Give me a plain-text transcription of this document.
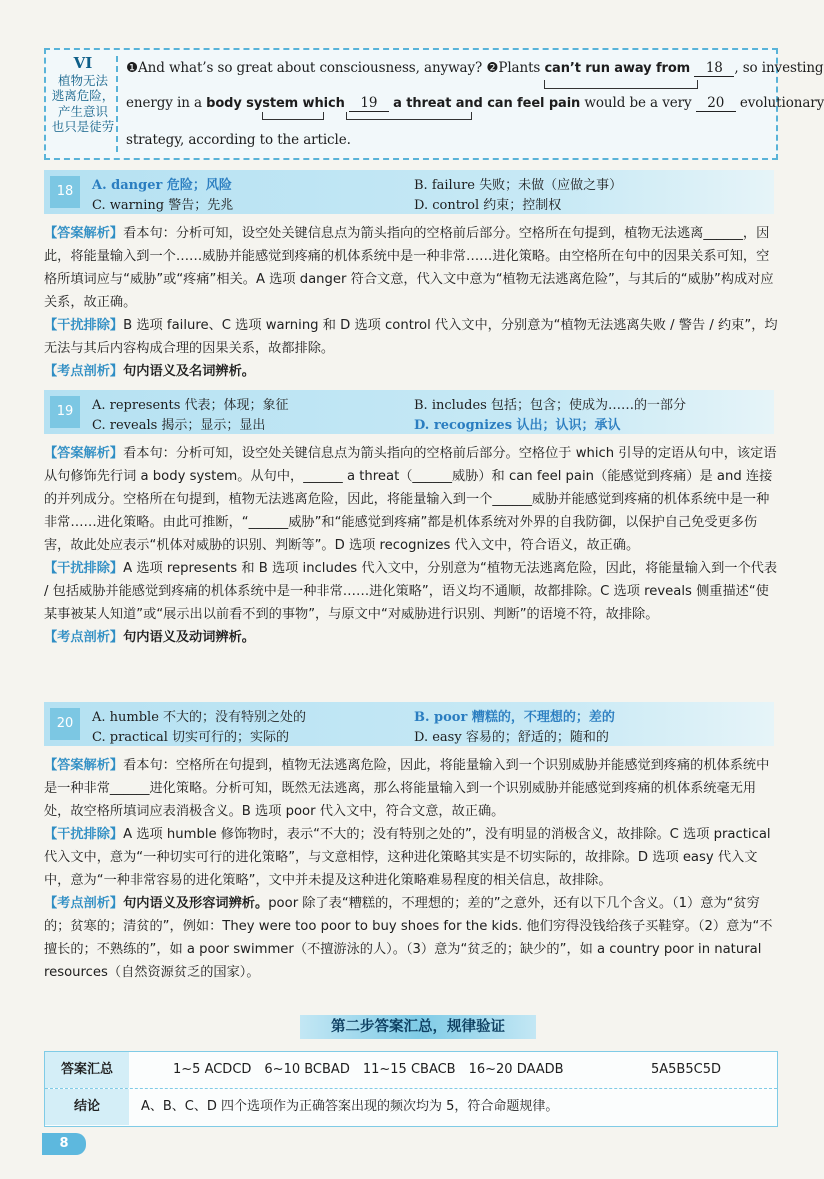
VI
植物无法
逃离危险，
产生意识
也只是徒劳
❶And what’s so great about consciousness, anyway? ❷Plants can’t run away from 18 , so investing
energy in a body system which 19 a threat and can feel pain would be a very 20 evolutionary
strategy, according to the article.
18	A. danger 危险；风险	B. failure 失败；未做（应做之事）
C. warning 警告；先兆	D. control 约束；控制权
【答案解析】看本句：分析可知，设空处关键信息点为箭头指向的空格前后部分。空格所在句提到，植物无法逃离______，因此，将能量输入到一个……威胁并能感觉到疼痛的机体系统中是一种非常……进化策略。由空格所在句中的因果关系可知，空格所填词应与“威胁”或“疼痛”相关。A 选项 danger 符合文意，代入文中意为“植物无法逃离危险”，与其后的“威胁”构成对应关系，故正确。
【干扰排除】B 选项 failure、C 选项 warning 和 D 选项 control 代入文中，分别意为“植物无法逃离失败 / 警告 / 约束”，均无法与其后内容构成合理的因果关系，故都排除。
【考点剖析】句内语义及名词辨析。
19	A. represents 代表；体现；象征	B. includes 包括；包含；使成为……的一部分
C. reveals 揭示；显示；显出	D. recognizes 认出；认识；承认
【答案解析】看本句：分析可知，设空处关键信息点为箭头指向的空格前后部分。空格位于 which 引导的定语从句中，该定语从句修饰先行词 a body system。从句中，______ a threat（______威胁）和 can feel pain（能感觉到疼痛）是 and 连接的并列成分。空格所在句提到，植物无法逃离危险，因此，将能量输入到一个______威胁并能感觉到疼痛的机体系统中是一种非常……进化策略。由此可推断，“______威胁”和“能感觉到疼痛”都是机体系统对外界的自我防御，以保护自己免受更多伤害，故此处应表示“机体对威胁的识别、判断等”。D 选项 recognizes 代入文中，符合语义，故正确。
【干扰排除】A 选项 represents 和 B 选项 includes 代入文中，分别意为“植物无法逃离危险，因此，将能量输入到一个代表 / 包括威胁并能感觉到疼痛的机体系统中是一种非常……进化策略”，语义均不通顺，故都排除。C 选项 reveals 侧重描述“使某事被某人知道”或“展示出以前看不到的事物”，与原文中“对威胁进行识别、判断”的语境不符，故排除。
【考点剖析】句内语义及动词辨析。
20	A. humble 不大的；没有特别之处的	B. poor 糟糕的，不理想的；差的
C. practical 切实可行的；实际的	D. easy 容易的；舒适的；随和的
【答案解析】看本句：空格所在句提到，植物无法逃离危险，因此，将能量输入到一个识别威胁并能感觉到疼痛的机体系统中是一种非常______进化策略。分析可知，既然无法逃离，那么将能量输入到一个识别威胁并能感觉到疼痛的机体系统毫无用处，故空格所填词应表消极含义。B 选项 poor 代入文中，符合文意，故正确。
【干扰排除】A 选项 humble 修饰物时，表示“不大的；没有特别之处的”，没有明显的消极含义，故排除。C 选项 practical 代入文中，意为“一种切实可行的进化策略”，与文意相悖，这种进化策略其实是不切实际的，故排除。D 选项 easy 代入文中，意为“一种非常容易的进化策略”，文中并未提及这种进化策略难易程度的相关信息，故排除。
【考点剖析】句内语义及形容词辨析。poor 除了表“糟糕的，不理想的；差的”之意外，还有以下几个含义。（1）意为“贫穷的；贫寒的；清贫的”，例如：They were too poor to buy shoes for the kids. 他们穷得没钱给孩子买鞋穿。（2）意为“不擅长的；不熟练的”，如 a poor swimmer（不擅游泳的人）。（3）意为“贫乏的；缺少的”，如 a country poor in natural resources（自然资源贫乏的国家）。
第二步答案汇总，规律验证
答案汇总	1~5 ACDCD　6~10 BCBAD　11~15 CBACB　16~20 DAADB	5A5B5C5D
结论	A、B、C、D 四个选项作为正确答案出现的频次均为 5，符合命题规律。
8
